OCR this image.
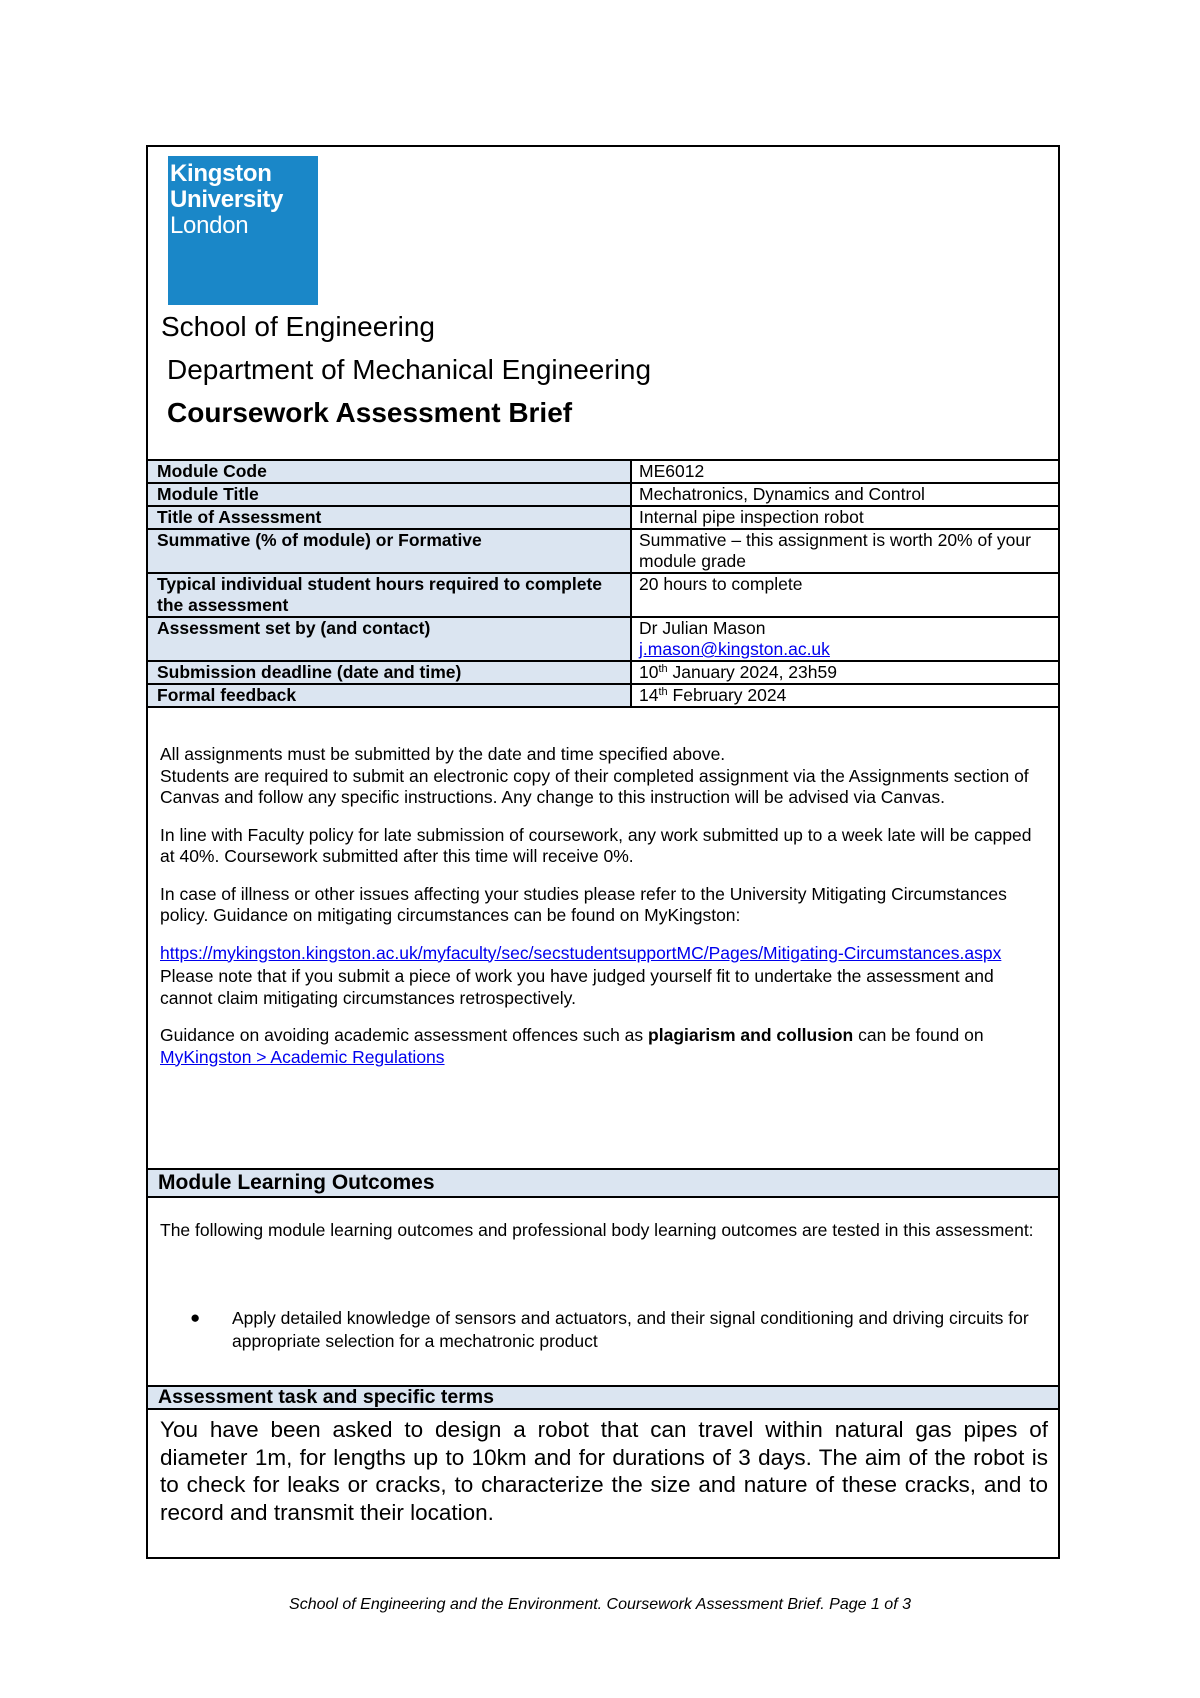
Kingston
University
London
School of Engineering
Department of Mechanical Engineering
Coursework Assessment Brief
Module Code	ME6012
Module Title	Mechatronics, Dynamics and Control
Title of Assessment	Internal pipe inspection robot
Summative (% of module) or Formative	Summative – this assignment is worth 20% of your module grade
Typical individual student hours required to complete the assessment	20 hours to complete
Assessment set by (and contact)	Dr Julian Mason
j.mason@kingston.ac.uk
Submission deadline (date and time)	10th January 2024, 23h59
Formal feedback	14th February 2024

All assignments must be submitted by the date and time specified above.
Students are required to submit an electronic copy of their completed assignment via the Assignments section of Canvas and follow any specific instructions. Any change to this instruction will be advised via Canvas.

In line with Faculty policy for late submission of coursework, any work submitted up to a week late will be capped at 40%. Coursework submitted after this time will receive 0%.

In case of illness or other issues affecting your studies please refer to the University Mitigating Circumstances policy. Guidance on mitigating circumstances can be found on MyKingston:

https://mykingston.kingston.ac.uk/myfaculty/sec/secstudentsupportMC/Pages/Mitigating-Circumstances.aspx

Please note that if you submit a piece of work you have judged yourself fit to undertake the assessment and cannot claim mitigating circumstances retrospectively.

Guidance on avoiding academic assessment offences such as plagiarism and collusion can be found on MyKingston > Academic Regulations

Module Learning Outcomes
The following module learning outcomes and professional body learning outcomes are tested in this assessment:
● Apply detailed knowledge of sensors and actuators, and their signal conditioning and driving circuits for appropriate selection for a mechatronic product
Assessment task and specific terms
You have been asked to design a robot that can travel within natural gas pipes of diameter 1m, for lengths up to 10km and for durations of 3 days. The aim of the robot is to check for leaks or cracks, to characterize the size and nature of these cracks, and to record and transmit their location.
School of Engineering and the Environment. Coursework Assessment Brief. Page 1 of 3
